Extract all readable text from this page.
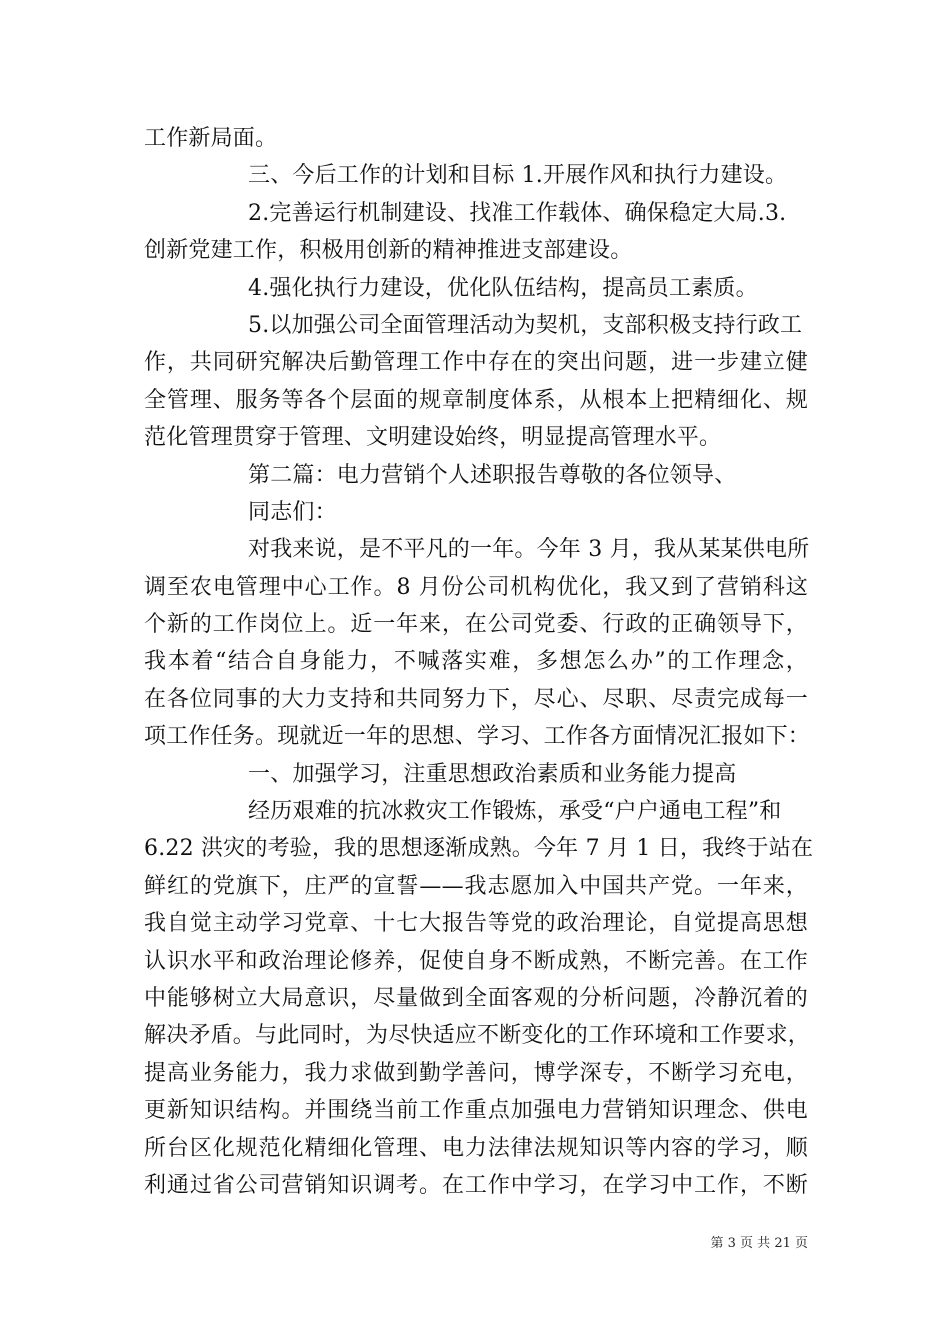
工作新局面。
三、今后工作的计划和目标 1.开展作风和执行力建设。
2.完善运行机制建设、找准工作载体、确保稳定大局.3.
创新党建工作，积极用创新的精神推进支部建设。
4.强化执行力建设，优化队伍结构，提高员工素质。
5.以加强公司全面管理活动为契机，支部积极支持行政工
作，共同研究解决后勤管理工作中存在的突出问题，进一步建立健
全管理、服务等各个层面的规章制度体系，从根本上把精细化、规
范化管理贯穿于管理、文明建设始终，明显提高管理水平。
第二篇：电力营销个人述职报告尊敬的各位领导、
同志们：
对我来说，是不平凡的一年。今年 3 月，我从某某供电所
调至农电管理中心工作。8 月份公司机构优化，我又到了营销科这
个新的工作岗位上。近一年来，在公司党委、行政的正确领导下，
我本着“结合自身能力，不喊落实难，多想怎么办”的工作理念，
在各位同事的大力支持和共同努力下，尽心、尽职、尽责完成每一
项工作任务。现就近一年的思想、学习、工作各方面情况汇报如下：
一、加强学习，注重思想政治素质和业务能力提高
经历艰难的抗冰救灾工作锻炼，承受“户户通电工程”和
6.22 洪灾的考验，我的思想逐渐成熟。今年 7 月 1 日，我终于站在
鲜红的党旗下，庄严的宣誓——我志愿加入中国共产党。一年来，
我自觉主动学习党章、十七大报告等党的政治理论，自觉提高思想
认识水平和政治理论修养，促使自身不断成熟，不断完善。在工作
中能够树立大局意识，尽量做到全面客观的分析问题，冷静沉着的
解决矛盾。与此同时，为尽快适应不断变化的工作环境和工作要求，
提高业务能力，我力求做到勤学善问，博学深专，不断学习充电，
更新知识结构。并围绕当前工作重点加强电力营销知识理念、供电
所台区化规范化精细化管理、电力法律法规知识等内容的学习，顺
利通过省公司营销知识调考。在工作中学习，在学习中工作，不断
第 3 页 共 21 页
